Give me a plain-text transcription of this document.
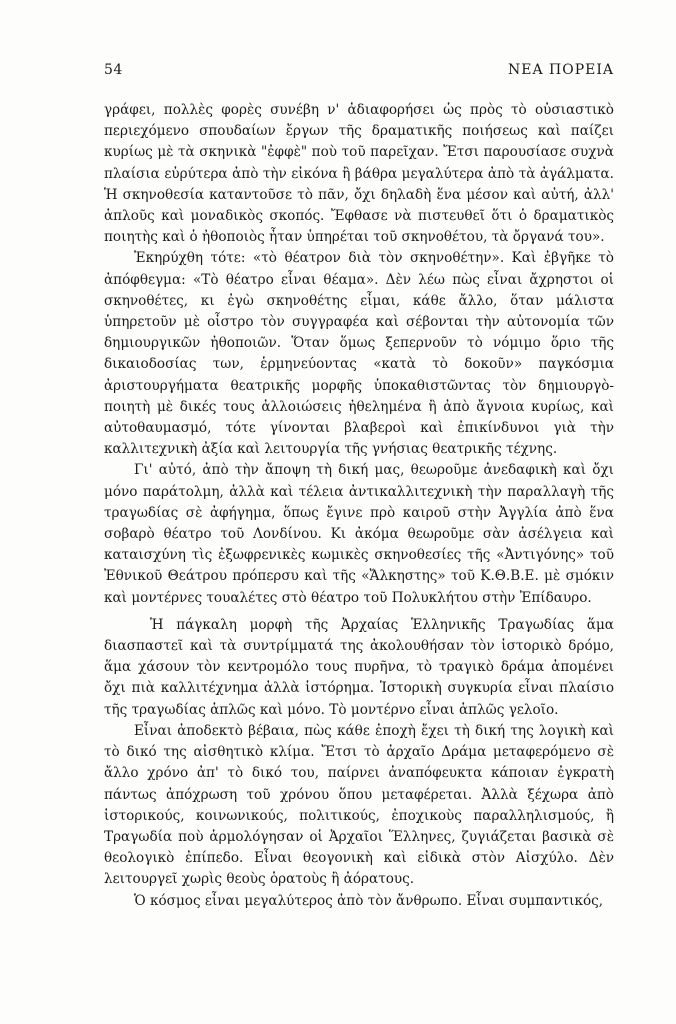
54	ΝΕΑ ΠΟΡΕΙΑ

γράφει, πολλὲς φορὲς συνέβη ν' ἀδιαφορήσει ὡς πρὸς τὸ οὐσιαστικὸ περιεχόμενο σπουδαίων ἔργων τῆς δραματικῆς ποιήσεως καὶ παίζει κυρίως μὲ τὰ σκηνικὰ "ἐφφὲ" ποὺ τοῦ παρεῖχαν. Ἔτσι παρουσίασε συχνὰ πλαίσια εὐρύτερα ἀπὸ τὴν εἰκόνα ἢ βάθρα μεγαλύτερα ἀπὸ τὰ ἀγάλματα. Ἡ σκηνοθεσία καταντοῦσε τὸ πᾶν, ὄχι δηλαδὴ ἕνα μέσον καὶ αὐτή, ἀλλ' ἁπλοῦς καὶ μοναδικὸς σκοπός. Ἔφθασε νὰ πιστευθεῖ ὅτι ὁ δραματικὸς ποιητὴς καὶ ὁ ἠθοποιὸς ἦταν ὑπηρέται τοῦ σκηνοθέτου, τὰ ὄργανά του».

Ἐκηρύχθη τότε: «τὸ θέατρον διὰ τὸν σκηνοθέτην». Καὶ ἐβγῆκε τὸ ἀπόφθεγμα: «Τὸ θέατρο εἶναι θέαμα». Δὲν λέω πὼς εἶναι ἄχρηστοι οἱ σκηνοθέτες, κι ἐγὼ σκηνοθέτης εἶμαι, κάθε ἄλλο, ὅταν μάλιστα ὑπηρετοῦν μὲ οἶστρο τὸν συγγραφέα καὶ σέβονται τὴν αὐτονομία τῶν δημιουργικῶν ἠθοποιῶν. Ὅταν ὅμως ξεπερνοῦν τὸ νόμιμο ὅριο τῆς δικαιοδοσίας των, ἑρμηνεύοντας «κατὰ τὸ δοκοῦν» παγκόσμια ἀριστουργήματα θεατρικῆς μορφῆς ὑποκαθιστῶντας τὸν δημιουργὸ-ποιητὴ μὲ δικές τους ἀλλοιώσεις ἠθελημένα ἢ ἀπὸ ἄγνοια κυρίως, καὶ αὐτοθαυμασμό, τότε γίνονται βλαβεροὶ καὶ ἐπικίνδυνοι γιὰ τὴν καλλιτεχνικὴ ἀξία καὶ λειτουργία τῆς γνήσιας θεατρικῆς τέχνης.

Γι' αὐτό, ἀπὸ τὴν ἄποψη τὴ δική μας, θεωροῦμε ἀνεδαφικὴ καὶ ὄχι μόνο παράτολμη, ἀλλὰ καὶ τέλεια ἀντικαλλιτεχνικὴ τὴν παραλλαγὴ τῆς τραγωδίας σὲ ἀφήγημα, ὅπως ἔγινε πρὸ καιροῦ στὴν Ἀγγλία ἀπὸ ἕνα σοβαρὸ θέατρο τοῦ Λονδίνου. Κι ἀκόμα θεωροῦμε σὰν ἀσέλγεια καὶ καταισχύνη τὶς ἐξωφρενικὲς κωμικὲς σκηνοθεσίες τῆς «Ἀντιγόνης» τοῦ Ἐθνικοῦ Θεάτρου πρόπερσυ καὶ τῆς «Ἄλκηστης» τοῦ Κ.Θ.Β.Ε. μὲ σμόκιν καὶ μοντέρνες τουαλέτες στὸ θέατρο τοῦ Πολυκλήτου στὴν Ἐπίδαυρο.

Ἡ πάγκαλη μορφὴ τῆς Ἀρχαίας Ἑλληνικῆς Τραγωδίας ἅμα διασπαστεῖ καὶ τὰ συντρίμματά της ἀκολουθήσαν τὸν ἱστορικὸ δρόμο, ἅμα χάσουν τὸν κεντρομόλο τους πυρῆνα, τὸ τραγικὸ δράμα ἀπομένει ὄχι πιὰ καλλιτέχνημα ἀλλὰ ἱστόρημα. Ἱστορικὴ συγκυρία εἶναι πλαίσιο τῆς τραγωδίας ἁπλῶς καὶ μόνο. Τὸ μοντέρνο εἶναι ἁπλῶς γελοῖο.

Εἶναι ἀποδεκτὸ βέβαια, πὼς κάθε ἐποχὴ ἔχει τὴ δική της λογικὴ καὶ τὸ δικό της αἰσθητικὸ κλίμα. Ἔτσι τὸ ἀρχαῖο Δράμα μεταφερόμενο σὲ ἄλλο χρόνο ἀπ' τὸ δικό του, παίρνει ἀναπόφευκτα κάποιαν ἐγκρατὴ πάντως ἀπόχρωση τοῦ χρόνου ὅπου μεταφέρεται. Ἀλλὰ ξέχωρα ἀπὸ ἱστορικούς, κοινωνικούς, πολιτικούς, ἐποχικοὺς παραλληλισμούς, ἢ Τραγωδία ποὺ ἁρμολόγησαν οἱ Ἀρχαῖοι Ἕλληνες, ζυγιάζεται βασικὰ σὲ θεολογικὸ ἐπίπεδο. Εἶναι θεογονικὴ καὶ εἰδικὰ στὸν Αἰσχύλο. Δὲν λειτουργεῖ χωρὶς θεοὺς ὁρατοὺς ἢ ἀόρατους.

Ὁ κόσμος εἶναι μεγαλύτερος ἀπὸ τὸν ἄνθρωπο. Εἶναι συμπαντικός,
